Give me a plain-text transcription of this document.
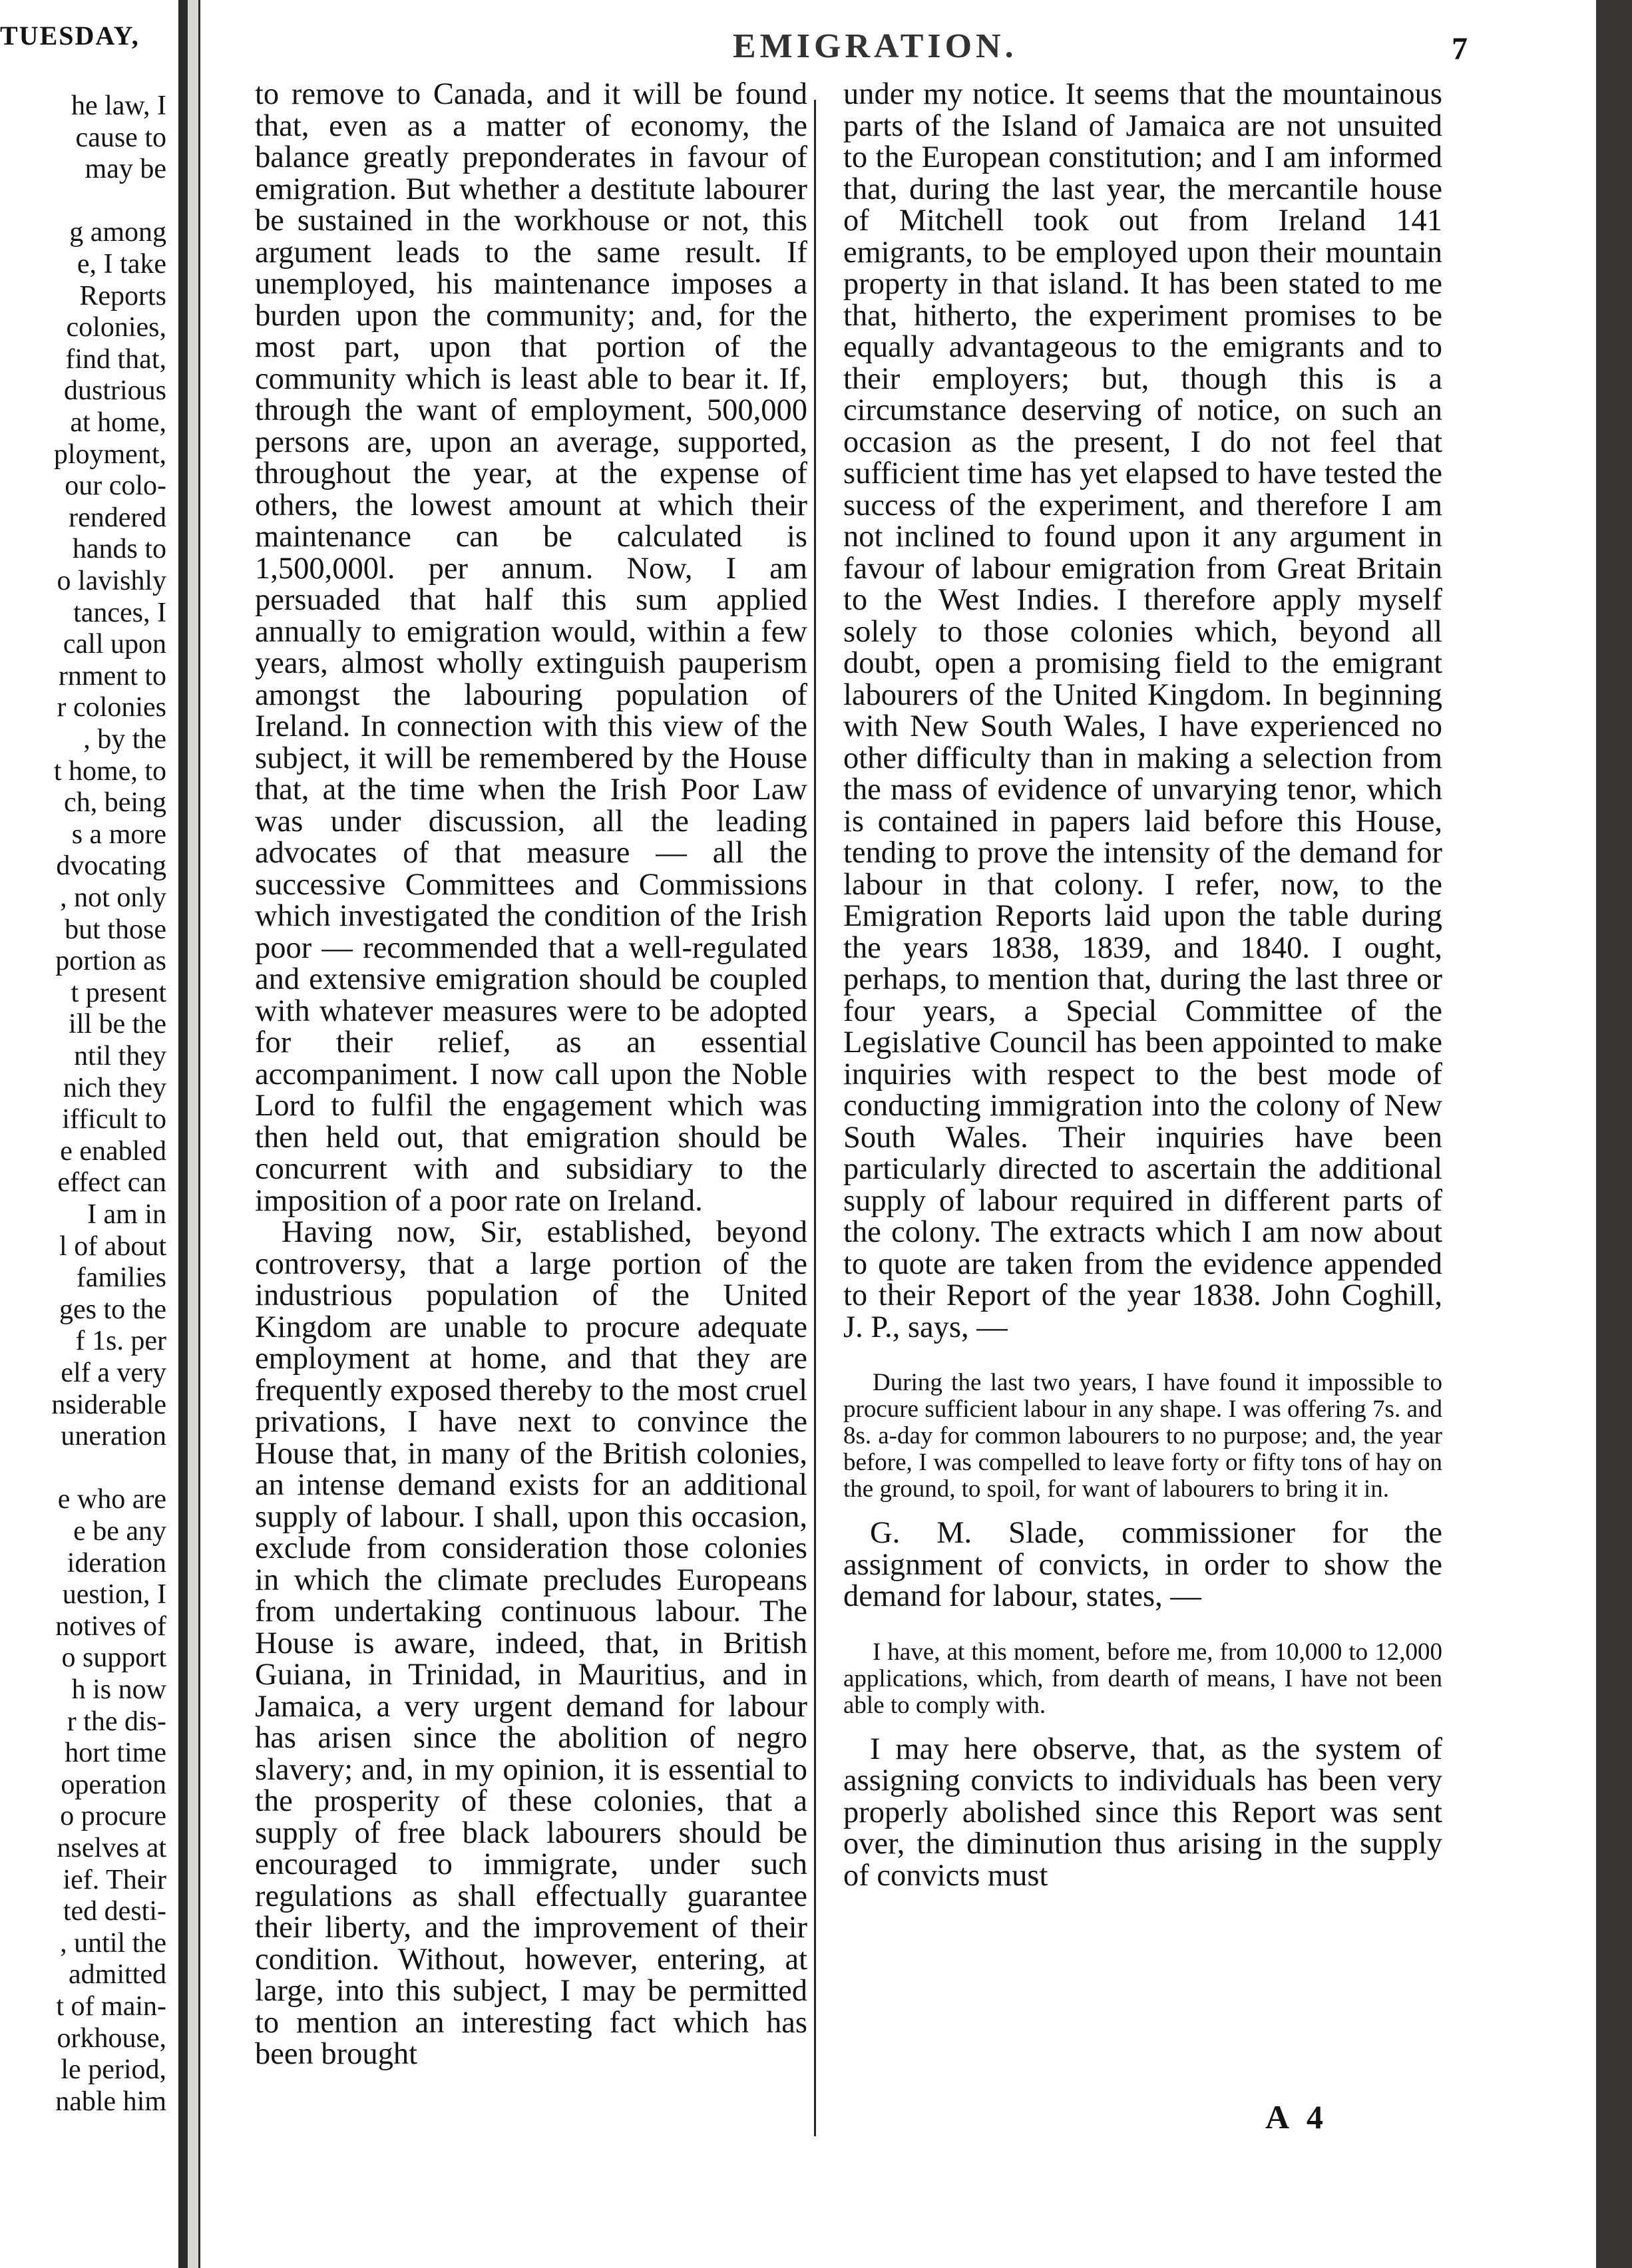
TUESDAY,
he law, I
cause to
may be
g among
e, I take
Reports
colonies,
find that,
dustrious
at home,
ployment,
our colo-
rendered
hands to
o lavishly
tances, I
call upon
rnment to
r colonies
, by the
t home, to
ch, being
s a more
dvocating
, not only
but those
portion as
t present
ill be the
ntil they
nich they
ifficult to
e enabled
effect can
I am in
l of about
families
ges to the
f 1s. per
elf a very
nsiderable
uneration
e who are
e be any
ideration
uestion, I
notives of
o support
h is now
r the dis-
hort time
operation
o procure
nselves at
ief. Their
ted desti-
, until the
admitted
t of main-
orkhouse,
le period,
nable him
EMIGRATION.	7

to remove to Canada, and it will be found that, even as a matter of economy, the balance greatly preponderates in favour of emigration. But whether a destitute labourer be sustained in the workhouse or not, this argument leads to the same result. If unemployed, his maintenance imposes a burden upon the community; and, for the most part, upon that portion of the community which is least able to bear it. If, through the want of employment, 500,000 persons are, upon an average, supported, throughout the year, at the expense of others, the lowest amount at which their maintenance can be calculated is 1,500,000l. per annum. Now, I am persuaded that half this sum applied annually to emigration would, within a few years, almost wholly extinguish pauperism amongst the labouring population of Ireland. In connection with this view of the subject, it will be remembered by the House that, at the time when the Irish Poor Law was under discussion, all the leading advocates of that measure — all the successive Committees and Commissions which investigated the condition of the Irish poor — recommended that a well-regulated and extensive emigration should be coupled with whatever measures were to be adopted for their relief, as an essential accompaniment. I now call upon the Noble Lord to fulfil the engagement which was then held out, that emigration should be concurrent with and subsidiary to the imposition of a poor rate on Ireland.

Having now, Sir, established, beyond controversy, that a large portion of the industrious population of the United Kingdom are unable to procure adequate employment at home, and that they are frequently exposed thereby to the most cruel privations, I have next to convince the House that, in many of the British colonies, an intense demand exists for an additional supply of labour. I shall, upon this occasion, exclude from consideration those colonies in which the climate precludes Europeans from undertaking continuous labour. The House is aware, indeed, that, in British Guiana, in Trinidad, in Mauritius, and in Jamaica, a very urgent demand for labour has arisen since the abolition of negro slavery; and, in my opinion, it is essential to the prosperity of these colonies, that a supply of free black labourers should be encouraged to immigrate, under such regulations as shall effectually guarantee their liberty, and the improvement of their condition. Without, however, entering, at large, into this subject, I may be permitted to mention an interesting fact which has been brought

under my notice. It seems that the mountainous parts of the Island of Jamaica are not unsuited to the European constitution; and I am informed that, during the last year, the mercantile house of Mitchell took out from Ireland 141 emigrants, to be employed upon their mountain property in that island. It has been stated to me that, hitherto, the experiment promises to be equally advantageous to the emigrants and to their employers; but, though this is a circumstance deserving of notice, on such an occasion as the present, I do not feel that sufficient time has yet elapsed to have tested the success of the experiment, and therefore I am not inclined to found upon it any argument in favour of labour emigration from Great Britain to the West Indies. I therefore apply myself solely to those colonies which, beyond all doubt, open a promising field to the emigrant labourers of the United Kingdom. In beginning with New South Wales, I have experienced no other difficulty than in making a selection from the mass of evidence of unvarying tenor, which is contained in papers laid before this House, tending to prove the intensity of the demand for labour in that colony. I refer, now, to the Emigration Reports laid upon the table during the years 1838, 1839, and 1840. I ought, perhaps, to mention that, during the last three or four years, a Special Committee of the Legislative Council has been appointed to make inquiries with respect to the best mode of conducting immigration into the colony of New South Wales. Their inquiries have been particularly directed to ascertain the additional supply of labour required in different parts of the colony. The extracts which I am now about to quote are taken from the evidence appended to their Report of the year 1838. John Coghill, J. P., says, —

During the last two years, I have found it impossible to procure sufficient labour in any shape. I was offering 7s. and 8s. a-day for common labourers to no purpose; and, the year before, I was compelled to leave forty or fifty tons of hay on the ground, to spoil, for want of labourers to bring it in.

G. M. Slade, commissioner for the assignment of convicts, in order to show the demand for labour, states, —

I have, at this moment, before me, from 10,000 to 12,000 applications, which, from dearth of means, I have not been able to comply with.

I may here observe, that, as the system of assigning convicts to individuals has been very properly abolished since this Report was sent over, the diminution thus arising in the supply of convicts must

A 4
